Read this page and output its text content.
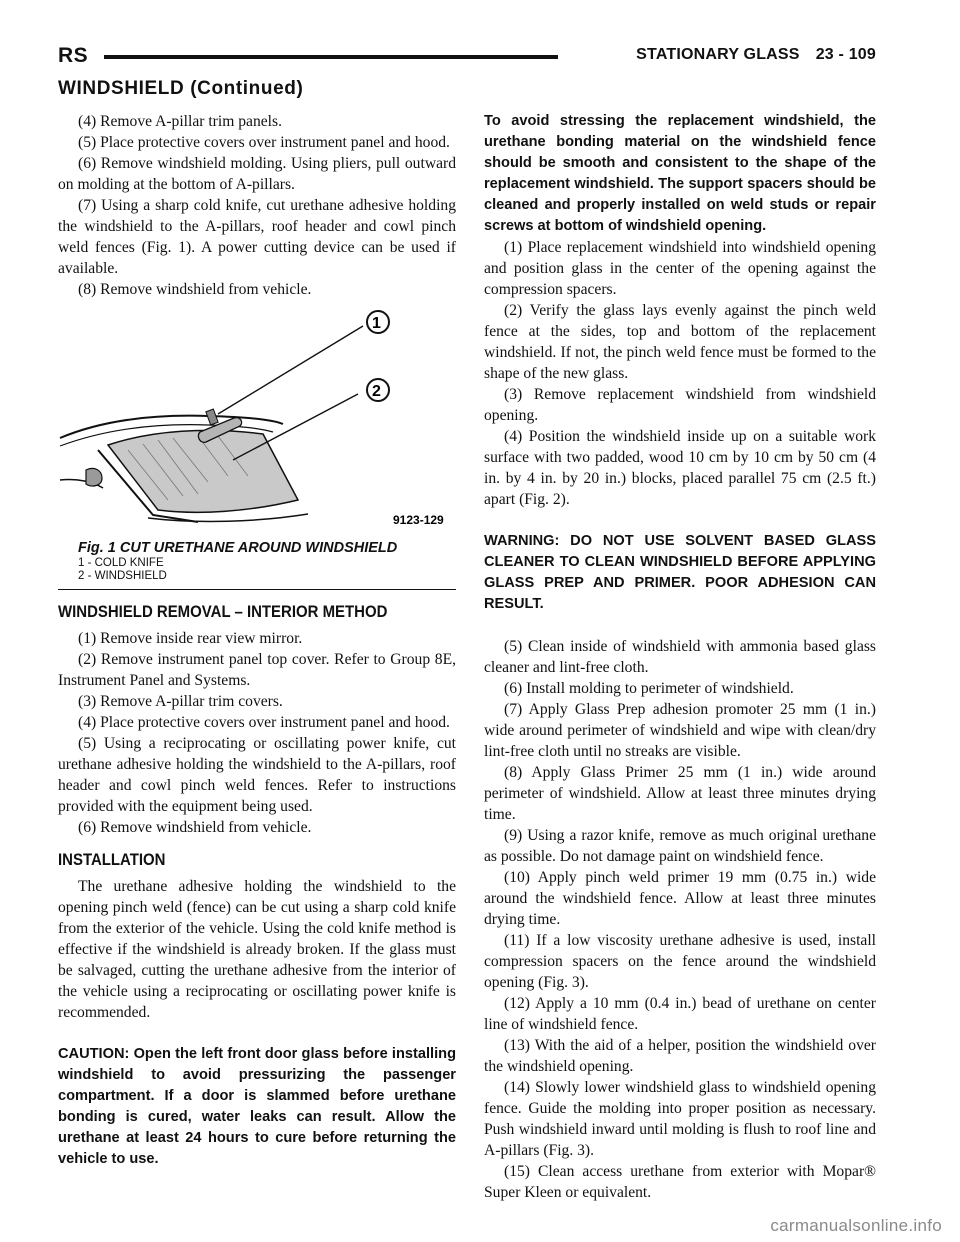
RS	STATIONARY GLASS 23 - 109
WINDSHIELD (Continued)

(4) Remove A-pillar trim panels.

(5) Place protective covers over instrument panel and hood.

(6) Remove windshield molding. Using pliers, pull outward on molding at the bottom of A-pillars.

(7) Using a sharp cold knife, cut urethane adhesive holding the windshield to the A-pillars, roof header and cowl pinch weld fences (Fig. 1). A power cutting device can be used if available.

(8) Remove windshield from vehicle.

1
2
9123-129

Fig. 1 CUT URETHANE AROUND WINDSHIELD

1 - COLD KNIFE

2 - WINDSHIELD

WINDSHIELD REMOVAL – INTERIOR METHOD

(1) Remove inside rear view mirror.

(2) Remove instrument panel top cover. Refer to Group 8E, Instrument Panel and Systems.

(3) Remove A-pillar trim covers.

(4) Place protective covers over instrument panel and hood.

(5) Using a reciprocating or oscillating power knife, cut urethane adhesive holding the windshield to the A-pillars, roof header and cowl pinch weld fences. Refer to instructions provided with the equipment being used.

(6) Remove windshield from vehicle.

INSTALLATION

The urethane adhesive holding the windshield to the opening pinch weld (fence) can be cut using a sharp cold knife from the exterior of the vehicle. Using the cold knife method is effective if the windshield is already broken. If the glass must be salvaged, cutting the urethane adhesive from the interior of the vehicle using a reciprocating or oscillating power knife is recommended.

CAUTION: Open the left front door glass before installing windshield to avoid pressurizing the passenger compartment. If a door is slammed before urethane bonding is cured, water leaks can result. Allow the urethane at least 24 hours to cure before returning the vehicle to use.

To avoid stressing the replacement windshield, the urethane bonding material on the windshield fence should be smooth and consistent to the shape of the replacement windshield. The support spacers should be cleaned and properly installed on weld studs or repair screws at bottom of windshield opening.

(1) Place replacement windshield into windshield opening and position glass in the center of the opening against the compression spacers.

(2) Verify the glass lays evenly against the pinch weld fence at the sides, top and bottom of the replacement windshield. If not, the pinch weld fence must be formed to the shape of the new glass.

(3) Remove replacement windshield from windshield opening.

(4) Position the windshield inside up on a suitable work surface with two padded, wood 10 cm by 10 cm by 50 cm (4 in. by 4 in. by 20 in.) blocks, placed parallel 75 cm (2.5 ft.) apart (Fig. 2).

WARNING: DO NOT USE SOLVENT BASED GLASS CLEANER TO CLEAN WINDSHIELD BEFORE APPLYING GLASS PREP AND PRIMER. POOR ADHESION CAN RESULT.

(5) Clean inside of windshield with ammonia based glass cleaner and lint-free cloth.

(6) Install molding to perimeter of windshield.

(7) Apply Glass Prep adhesion promoter 25 mm (1 in.) wide around perimeter of windshield and wipe with clean/dry lint-free cloth until no streaks are visible.

(8) Apply Glass Primer 25 mm (1 in.) wide around perimeter of windshield. Allow at least three minutes drying time.

(9) Using a razor knife, remove as much original urethane as possible. Do not damage paint on windshield fence.

(10) Apply pinch weld primer 19 mm (0.75 in.) wide around the windshield fence. Allow at least three minutes drying time.

(11) If a low viscosity urethane adhesive is used, install compression spacers on the fence around the windshield opening (Fig. 3).

(12) Apply a 10 mm (0.4 in.) bead of urethane on center line of windshield fence.

(13) With the aid of a helper, position the windshield over the windshield opening.

(14) Slowly lower windshield glass to windshield opening fence. Guide the molding into proper position as necessary. Push windshield inward until molding is flush to roof line and A-pillars (Fig. 3).

(15) Clean access urethane from exterior with Mopar® Super Kleen or equivalent.

carmanualsonline.info
